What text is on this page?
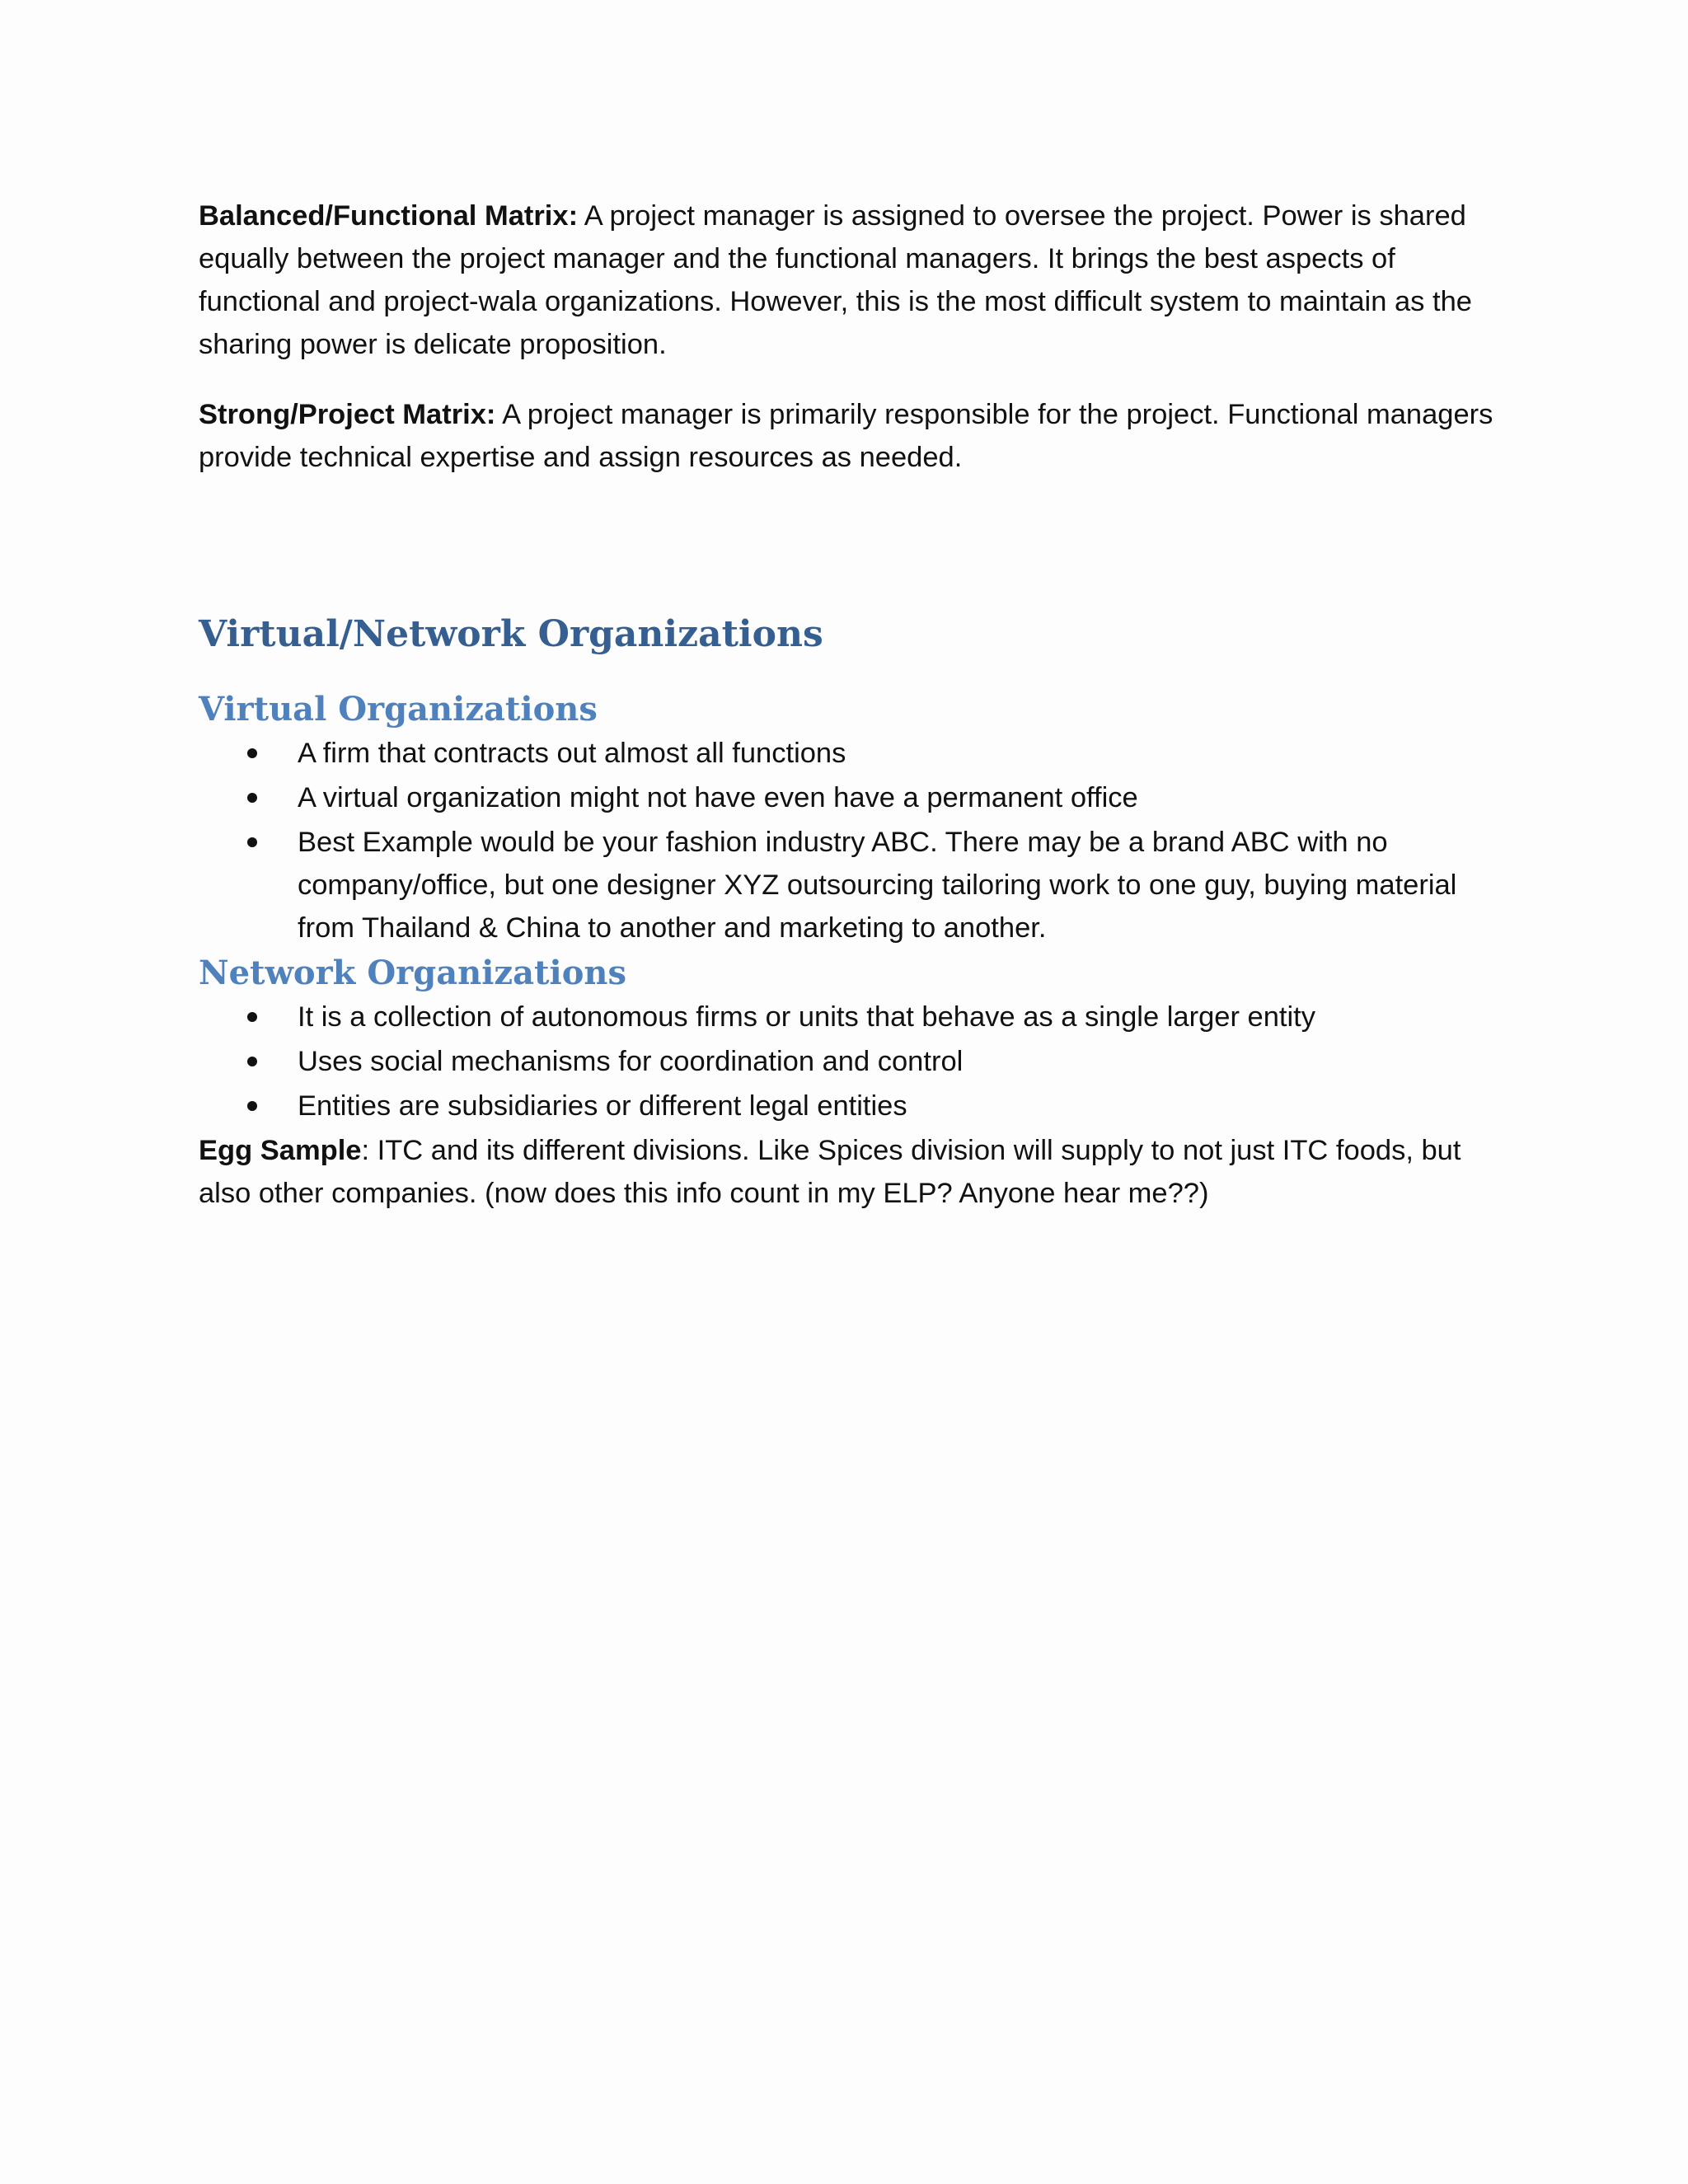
Balanced/Functional Matrix: A project manager is assigned to oversee the project. Power is shared equally between the project manager and the functional managers. It brings the best aspects of functional and project-wala organizations. However, this is the most difficult system to maintain as the sharing power is delicate proposition.

Strong/Project Matrix: A project manager is primarily responsible for the project. Functional managers provide technical expertise and assign resources as needed.

Virtual/Network Organizations
Virtual Organizations
A firm that contracts out almost all functions
A virtual organization might not have even have a permanent office
Best Example would be your fashion industry ABC. There may be a brand ABC with no company/office, but one designer XYZ outsourcing tailoring work to one guy, buying material from Thailand & China to another and marketing to another.
Network Organizations
It is a collection of autonomous firms or units that behave as a single larger entity
Uses social mechanisms for coordination and control
Entities are subsidiaries or different legal entities

Egg Sample: ITC and its different divisions. Like Spices division will supply to not just ITC foods, but also other companies. (now does this info count in my ELP? Anyone hear me??)
